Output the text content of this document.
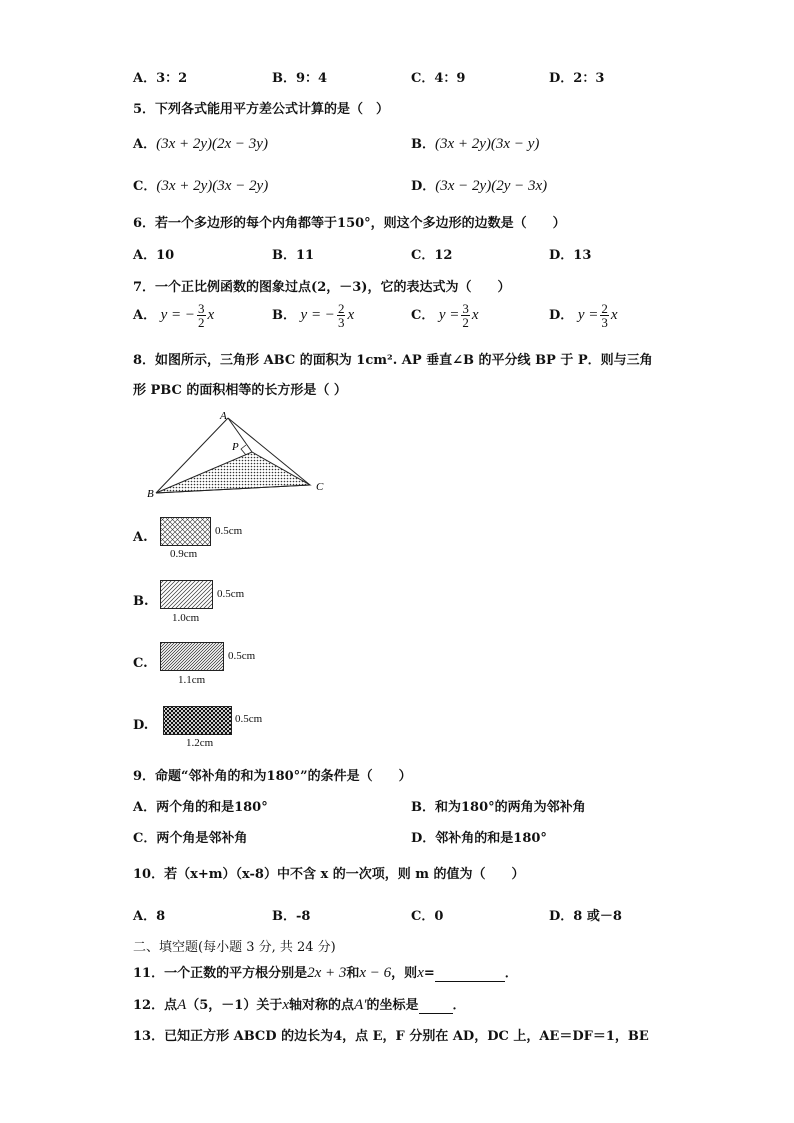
A．3：2	B．9：4	C．4：9	D．2：3
5．下列各式能用平方差公式计算的是（　）
A．(3x + 2y)(2x − 3y)	B．(3x + 2y)(3x − y)
C．(3x + 2y)(3x − 2y)	D．(3x − 2y)(2y − 3x)
6．若一个多边形的每个内角都等于150°，则这个多边形的边数是（　　）
A．10	B．11	C．12	D．13
7．一个正比例函数的图象过点(2，－3)，它的表达式为（　　）
A． y = − $\frac{3}{2}$ x	B． y = − $\frac{2}{3}$ x	C． $y = \frac{3}{2}$ x	D． $y = \frac{2}{3}$ x
8．如图所示，三角形 ABC 的面积为 1cm². AP 垂直∠B 的平分线 BP 于 P．则与三角
形 PBC 的面积相等的长方形是（ ）
A
P
B
C
A.	0.5cm
0.9cm
B.	0.5cm
1.0cm
C.	0.5cm
1.1cm
D.	0.5cm
1.2cm
9．命题“邻补角的和为180°”的条件是（　　）
A．两个角的和是180°	B．和为180°的两角为邻补角
C．两个角是邻补角	D．邻补角的和是180°
10．若（x+m）（x-8）中不含 x 的一次项，则 m 的值为（　　）
A．8	B．-8	C．0	D．8 或－8
二、填空题(每小题 3 分, 共 24 分)
11．一个正数的平方根分别是2x + 3和x − 6，则x=	．
12．点A（5，－1）关于x轴对称的点A′的坐标是	．
13．已知正方形 ABCD 的边长为4，点 E，F 分别在 AD，DC 上，AE＝DF＝1，BE
